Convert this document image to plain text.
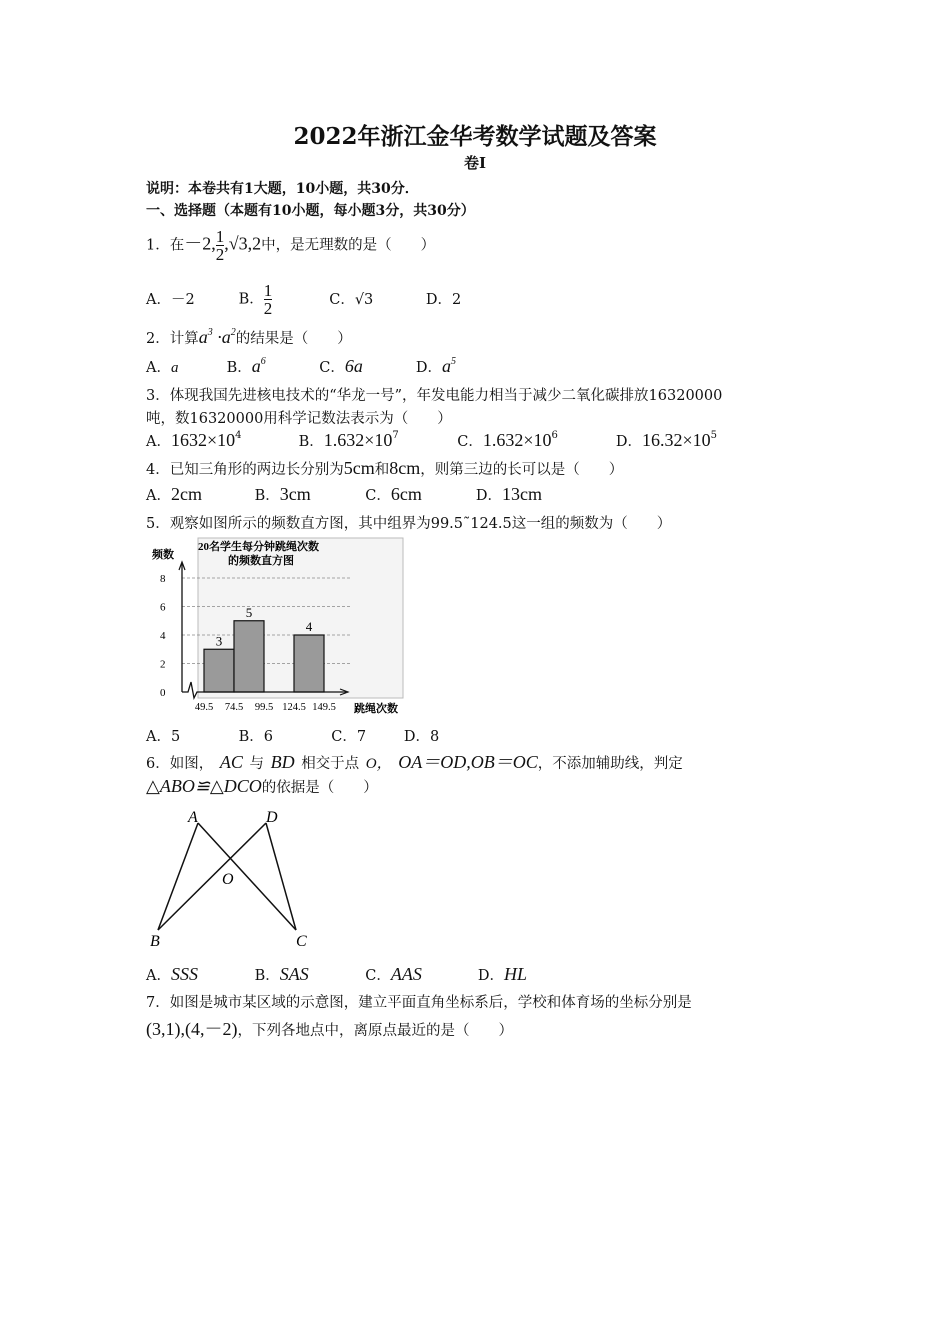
2022年浙江金华考数学试题及答案
卷Ⅰ
说明：本卷共有1大题，10小题，共30分．
一、选择题（本题有10小题，每小题3分，共30分）
1．在－2, $\frac{1}{2} ,√3,2$中，是无理数的是（　　）
A．－2	B． $\frac{1}{2}$	C．√3	D．2
2．计算$a^3 \cdot a^2$的结果是（　　）
A．a	B．$a^6$	C．6a	D．$a^5$
3．体现我国先进核电技术的“华龙一号”，年发电能力相当于减少二氧化碳排放16320000
吨，数16320000用科学记数法表示为（　　）
A．$1632\times 10^4$	B．$1.632\times 10^7$	C．$1.632\times 10^6$	D．$16.32\times 10^5$
4．已知三角形的两边长分别为5cm和8cm，则第三边的长可以是（　　）
A．2cm	B．3cm	C．6cm	D．13cm
5．观察如图所示的频数直方图，其中组界为99.5˜124.5这一组的频数为（　　）
20名学生每分钟跳绳次数
的频数直方图
频数
跳绳次数
3
5
4
0
2
4
6
8
49.5 74.5 99.5 124.5 149.5
A．5	B．6	C．7	D．8
6．如图， AC 与 BD 相交于点 O， OA＝OD,OB＝OC，不添加辅助线，判定
△ABO≌△DCO的依据是（　　）
A	D
O
B	C
A．SSS	B．SAS	C．AAS	D．HL
7．如图是城市某区域的示意图，建立平面直角坐标系后，学校和体育场的坐标分别是
(3,1),(4,－2)，下列各地点中，离原点最近的是（　　）
